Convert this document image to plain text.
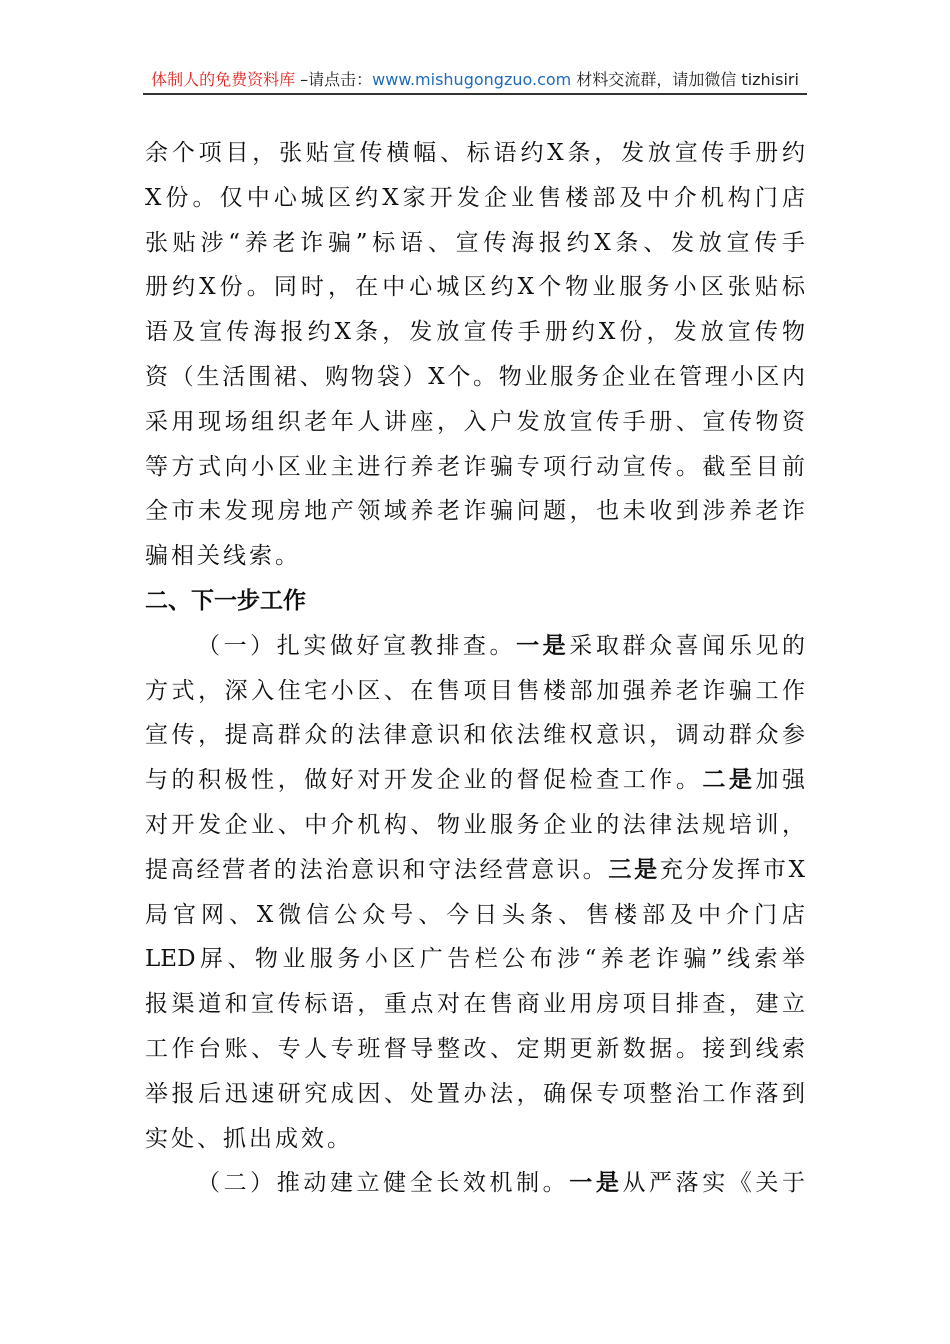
体制人的免费资料库 –请点击：www.mishugongzuo.com 材料交流群，请加微信 tizhisiri
余个项目，张贴宣传横幅、标语约X条，发放宣传手册约
X份。仅中心城区约X家开发企业售楼部及中介机构门店
张贴涉“养老诈骗”标语、宣传海报约X条、发放宣传手
册约X份。同时，在中心城区约X个物业服务小区张贴标
语及宣传海报约X条，发放宣传手册约X份，发放宣传物
资（生活围裙、购物袋）X个。物业服务企业在管理小区内
采用现场组织老年人讲座，入户发放宣传手册、宣传物资
等方式向小区业主进行养老诈骗专项行动宣传。截至目前
全市未发现房地产领域养老诈骗问题，也未收到涉养老诈
骗相关线索。
二、下一步工作
（一）扎实做好宣教排查。一是采取群众喜闻乐见的
方式，深入住宅小区、在售项目售楼部加强养老诈骗工作
宣传，提高群众的法律意识和依法维权意识，调动群众参
与的积极性，做好对开发企业的督促检查工作。二是加强
对开发企业、中介机构、物业服务企业的法律法规培训，
提高经营者的法治意识和守法经营意识。三是充分发挥市X
局官网、X微信公众号、今日头条、售楼部及中介门店
LED屏、物业服务小区广告栏公布涉“养老诈骗”线索举
报渠道和宣传标语，重点对在售商业用房项目排查，建立
工作台账、专人专班督导整改、定期更新数据。接到线索
举报后迅速研究成因、处置办法，确保专项整治工作落到
实处、抓出成效。
（二）推动建立健全长效机制。一是从严落实《关于
